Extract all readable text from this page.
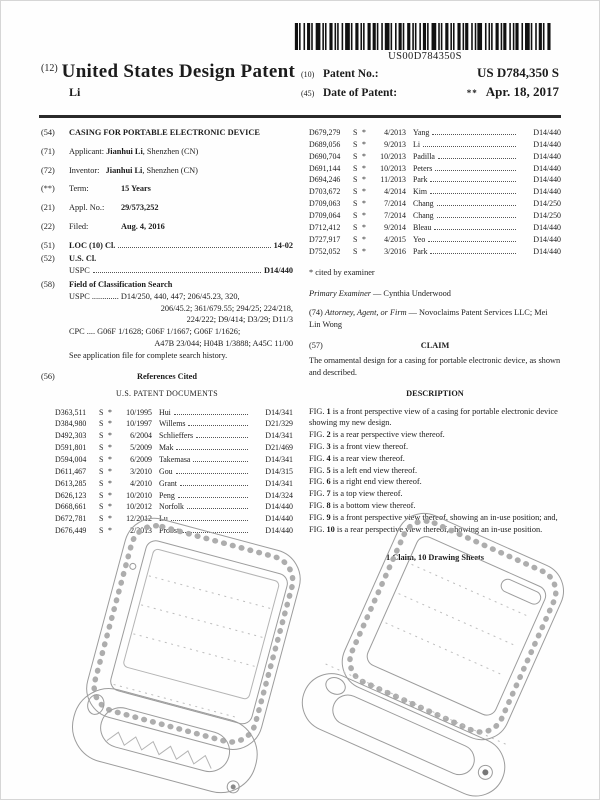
US00D784350S
$^{(12)}$ United States Design Patent
Li
(10) Patent No.:	US D784,350 S
(45) Date of Patent:	** Apr. 18, 2017
(54)	CASING FOR PORTABLE ELECTRONIC DEVICE
(71)	Applicant: Jianhui Li, Shenzhen (CN)
(72)	Inventor: Jianhui Li, Shenzhen (CN)
(**)	Term:	15 Years
(21)	Appl. No.: 29/573,252
(22)	Filed:	Aug. 4, 2016
(51)	LOC (10) Cl.	14-02
(52)	U.S. Cl.
USPC	D14/440
(58)	Field of Classification Search
USPC ............. D14/250, 440, 447; 206/45.23, 320,
206/45.2; 361/679.55; 294/25; 224/218,
224/222; D9/414; D3/29; D11/3
CPC .... G06F 1/1628; G06F 1/1667; G06F 1/1626;
A47B 23/044; H04B 1/3888; A45C 11/00
See application file for complete search history.
(56)	References Cited
U.S. PATENT DOCUMENTS
D363,511	S *	10/1995 Hui	D14/341
D384,980	S *	10/1997 Willems	D21/329
D492,303	S *	6/2004 Schlieffers	D14/341
D591,801	S *	5/2009 Mak	D21/469
D594,004	S *	6/2009 Takemasa	D14/341
D611,467	S *	3/2010 Gou	D14/315
D613,285	S *	4/2010 Grant	D14/341
D626,123	S *	10/2010 Peng	D14/324
D668,661	S *	10/2012 Norfolk	D14/440
D672,781	S *	12/2012 Lu	D14/440
D676,449	S *	2/2013 Probst	D14/440
D679,279	S *	4/2013 Yang	D14/440
D689,056	S *	9/2013 Li	D14/440
D690,704	S *	10/2013 Padilla	D14/440
D691,144	S *	10/2013 Peters	D14/440
D694,246	S *	11/2013 Park	D14/440
D703,672	S *	4/2014 Kim	D14/440
D709,063	S *	7/2014 Chang	D14/250
D709,064	S *	7/2014 Chang	D14/250
D712,412	S *	9/2014 Bleau	D14/440
D727,917	S *	4/2015 Yeo	D14/440
D752,052	S *	3/2016 Park	D14/440
* cited by examiner
Primary Examiner — Cynthia Underwood
(74) Attorney, Agent, or Firm — Novoclaims Patent Services LLC; Mei Lin Wong
(57)	CLAIM
The ornamental design for a casing for portable electronic device, as shown and described.
DESCRIPTION

FIG. 1 is a front perspective view of a casing for portable electronic device showing my new design.

FIG. 2 is a rear perspective view thereof.

FIG. 3 is a front view thereof.

FIG. 4 is a rear view thereof.

FIG. 5 is a left end view thereof.

FIG. 6 is a right end view thereof.

FIG. 7 is a top view thereof.

FIG. 8 is a bottom view thereof.

FIG. 9 is a front perspective view thereof, showing an in-use position; and,

FIG. 10 is a rear perspective view thereof, showing an in-use position.

1 Claim, 10 Drawing Sheets
